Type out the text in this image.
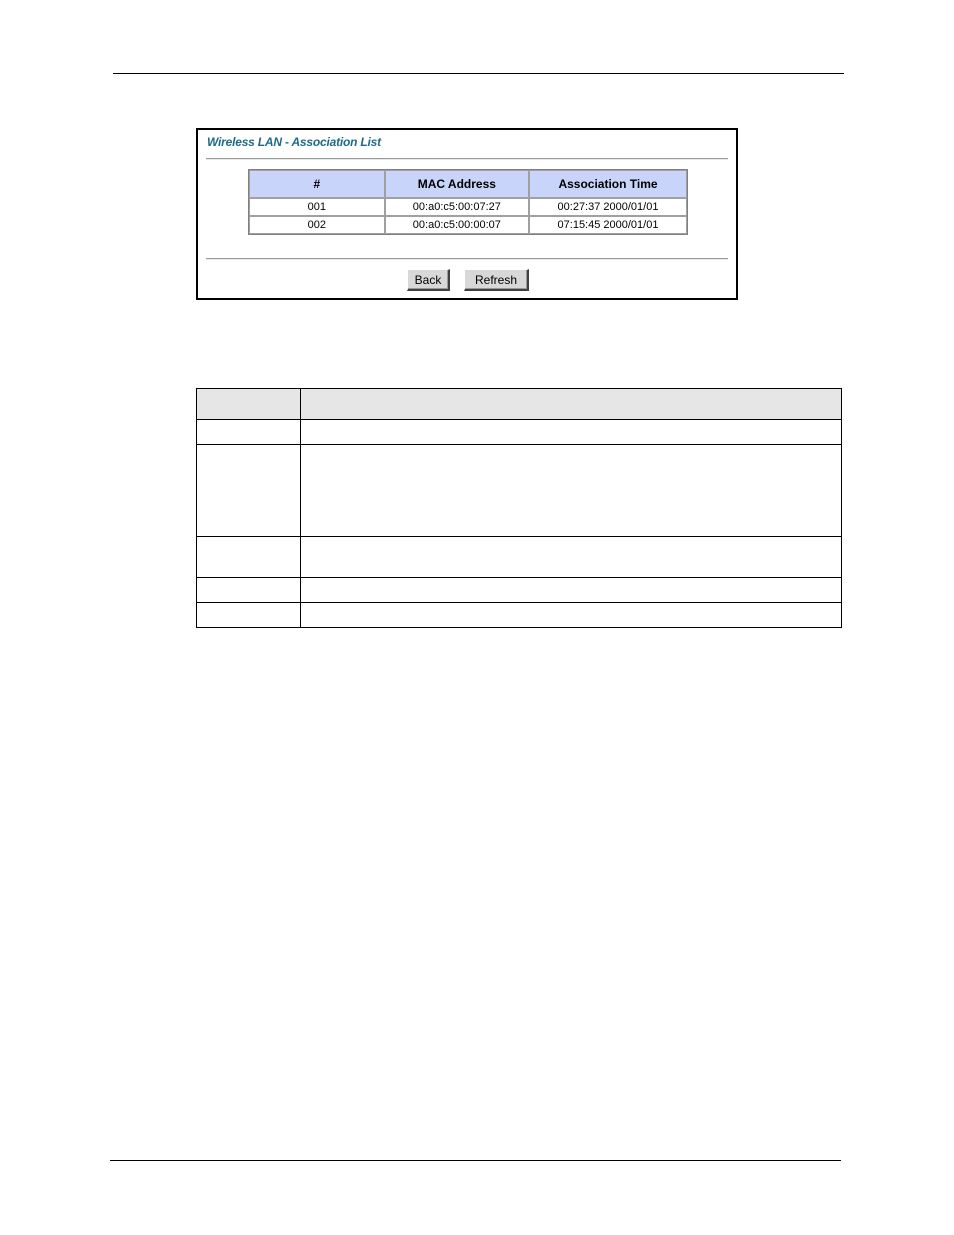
Wireless LAN - Association List
#	MAC Address	Association Time
001	00:a0:c5:00:07:27	00:27:37 2000/01/01
002	00:a0:c5:00:00:07	07:15:45 2000/01/01
Back	Refresh
